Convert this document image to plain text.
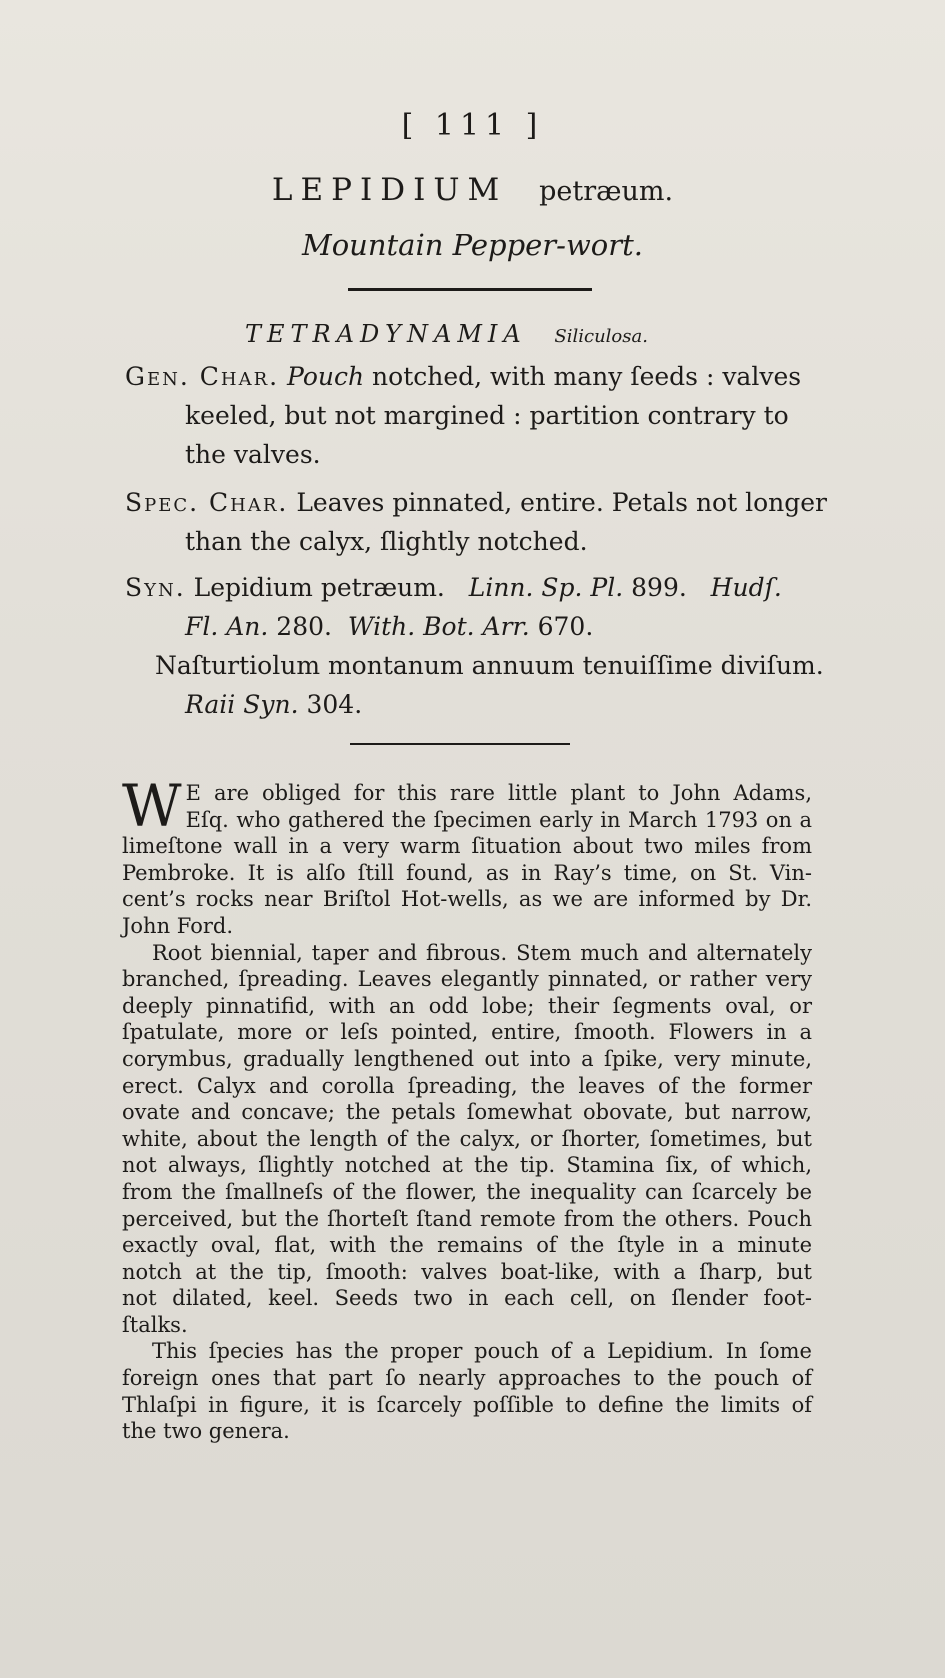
[ 111 ]
LEPIDIUM petræum.
Mountain Pepper-wort.
TETRADYNAMIA Siliculosa.
Gen. Char. Pouch notched, with many ſeeds : valves
keeled, but not margined : partition contrary to
the valves.
Spec. Char. Leaves pinnated, entire. Petals not longer
than the calyx, ſlightly notched.
Syn. Lepidium petræum. Linn. Sp. Pl. 899.   Hudſ.
Fl. An. 280.  With. Bot. Arr. 670.
Naſturtiolum montanum annuum tenuiſſime diviſum.
Raii Syn. 304.
W E are obliged for this rare little plant to John Adams,
Eſq. who gathered the ſpecimen early in March 1793 on a
limeſtone wall in a very warm ſituation about two miles from
Pembroke. It is alſo ſtill found, as in Ray’s time, on St. Vin-
cent’s rocks near Briſtol Hot-wells, as we are informed by Dr.
John Ford.
Root biennial, taper and fibrous. Stem much and alternately
branched, ſpreading. Leaves elegantly pinnated, or rather very
deeply pinnatifid, with an odd lobe; their ſegments oval, or
ſpatulate, more or leſs pointed, entire, ſmooth. Flowers in a
corymbus, gradually lengthened out into a ſpike, very minute,
erect. Calyx and corolla ſpreading, the leaves of the former
ovate and concave; the petals ſomewhat obovate, but narrow,
white, about the length of the calyx, or ſhorter, ſometimes, but
not always, ſlightly notched at the tip. Stamina ſix, of which,
from the ſmallneſs of the flower, the inequality can ſcarcely be
perceived, but the ſhorteſt ſtand remote from the others. Pouch
exactly oval, flat, with the remains of the ſtyle in a minute
notch at the tip, ſmooth: valves boat-like, with a ſharp, but
not dilated, keel. Seeds two in each cell, on ſlender foot-
ſtalks.
This ſpecies has the proper pouch of a Lepidium. In ſome
foreign ones that part ſo nearly approaches to the pouch of
Thlaſpi in figure, it is ſcarcely poſſible to define the limits of
the two genera.
